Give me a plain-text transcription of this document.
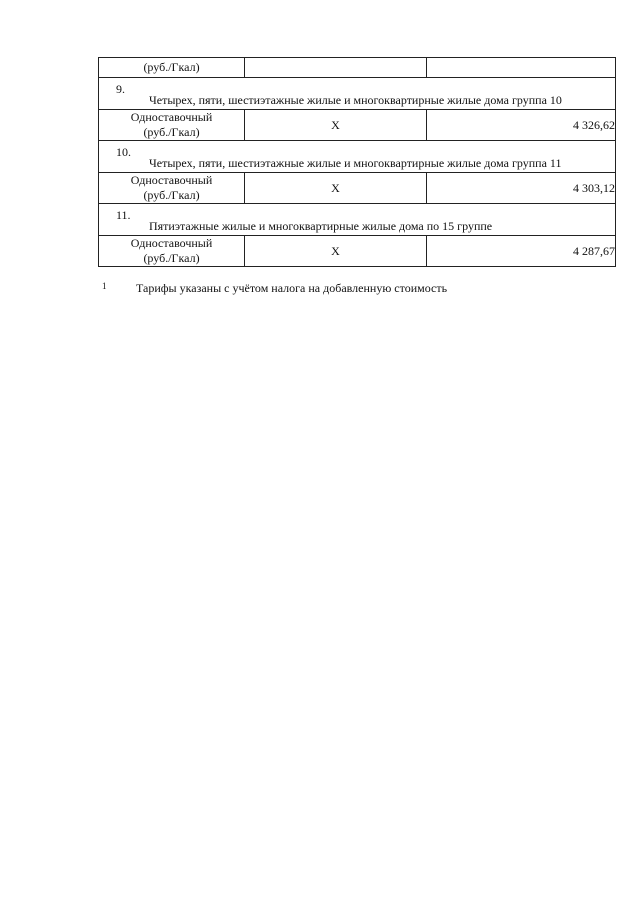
(руб./Гкал)		

9.
Четырех, пяти, шестиэтажные жилые и многоквартирные жилые дома группа 10		

Одноставочный
(руб./Гкал)	Х	4 326,62

10.
Четырех, пяти, шестиэтажные жилые и многоквартирные жилые дома группа 11		

Одноставочный
(руб./Гкал)	Х	4 303,12

11.
Пятиэтажные жилые и многоквартирные жилые дома по 15 группе		

Одноставочный
(руб./Гкал)	Х	4 287,67
1 Тарифы указаны с учётом налога на добавленную стоимость
